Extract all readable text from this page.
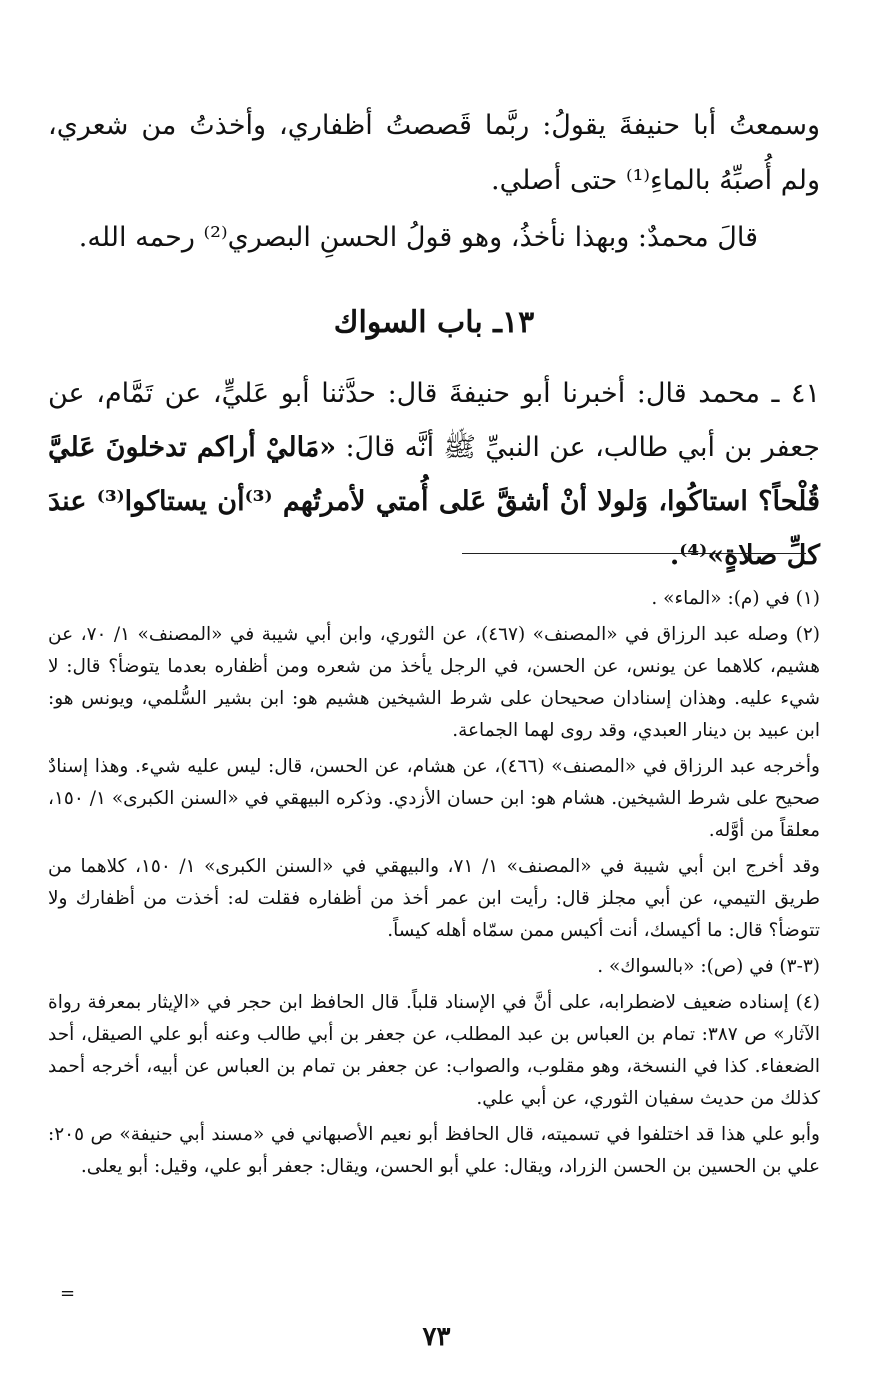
وسمعتُ أبا حنيفةَ يقولُ: ربَّما قَصصتُ أظفاري، وأخذتُ من شعري، ولم أُصبِّهُ بالماءِ⁽¹⁾ حتى أصلي.

قالَ محمدٌ: وبهذا نأخذُ، وهو قولُ الحسنِ البصري⁽²⁾ رحمه الله.

١٣ـ باب السواك

٤١ ـ محمد قال: أخبرنا أبو حنيفةَ قال: حدَّثنا أبو عَليٍّ، عن تَمَّام، عن جعفر بن أبي طالب، عن النبيِّ ﷺ أنَّه قالَ: «مَاليْ أراكم تدخلونَ عَليَّ قُلْحاً؟ استاكُوا، وَلولا أنْ أشقَّ عَلى أُمتي لأمرتُهم ⁽³⁾أن يستاكوا⁽³⁾ عندَ كلِّ صلاةٍ»⁽⁴⁾.

(١) في (م): «الماء» .

(٢) وصله عبد الرزاق في «المصنف» (٤٦٧)، عن الثوري، وابن أبي شيبة في «المصنف» ١/ ٧٠، عن هشيم، كلاهما عن يونس، عن الحسن، في الرجل يأخذ من شعره ومن أظفاره بعدما يتوضأ؟ قال: لا شيء عليه. وهذان إسنادان صحيحان على شرط الشيخين هشيم هو: ابن بشير السُّلمي، ويونس هو: ابن عبيد بن دينار العبدي، وقد روى لهما الجماعة.

وأخرجه عبد الرزاق في «المصنف» (٤٦٦)، عن هشام، عن الحسن، قال: ليس عليه شيء. وهذا إسنادٌ صحيح على شرط الشيخين. هشام هو: ابن حسان الأزدي. وذكره البيهقي في «السنن الكبرى» ١/ ١٥٠، معلقاً من أوَّله.

وقد أخرج ابن أبي شيبة في «المصنف» ١/ ٧١، والبيهقي في «السنن الكبرى» ١/ ١٥٠، كلاهما من طريق التيمي، عن أبي مجلز قال: رأيت ابن عمر أخذ من أظفاره فقلت له: أخذت من أظفارك ولا تتوضأ؟ قال: ما أكيسك، أنت أكيس ممن سمّاه أهله كيساً.

(٣-٣) في (ص): «بالسواك» .

(٤) إسناده ضعيف لاضطرابه، على أنَّ في الإسناد قلباً. قال الحافظ ابن حجر في «الإيثار بمعرفة رواة الآثار» ص ٣٨٧: تمام بن العباس بن عبد المطلب، عن جعفر بن أبي طالب وعنه أبو علي الصيقل، أحد الضعفاء. كذا في النسخة، وهو مقلوب، والصواب: عن جعفر بن تمام بن العباس عن أبيه، أخرجه أحمد كذلك من حديث سفيان الثوري، عن أبي علي.

وأبو علي هذا قد اختلفوا في تسميته، قال الحافظ أبو نعيم الأصبهاني في «مسند أبي حنيفة» ص ٢٠٥: علي بن الحسين بن الحسن الزراد، ويقال: علي أبو الحسن، ويقال: جعفر أبو علي، وقيل: أبو يعلى.

=
٧٣
